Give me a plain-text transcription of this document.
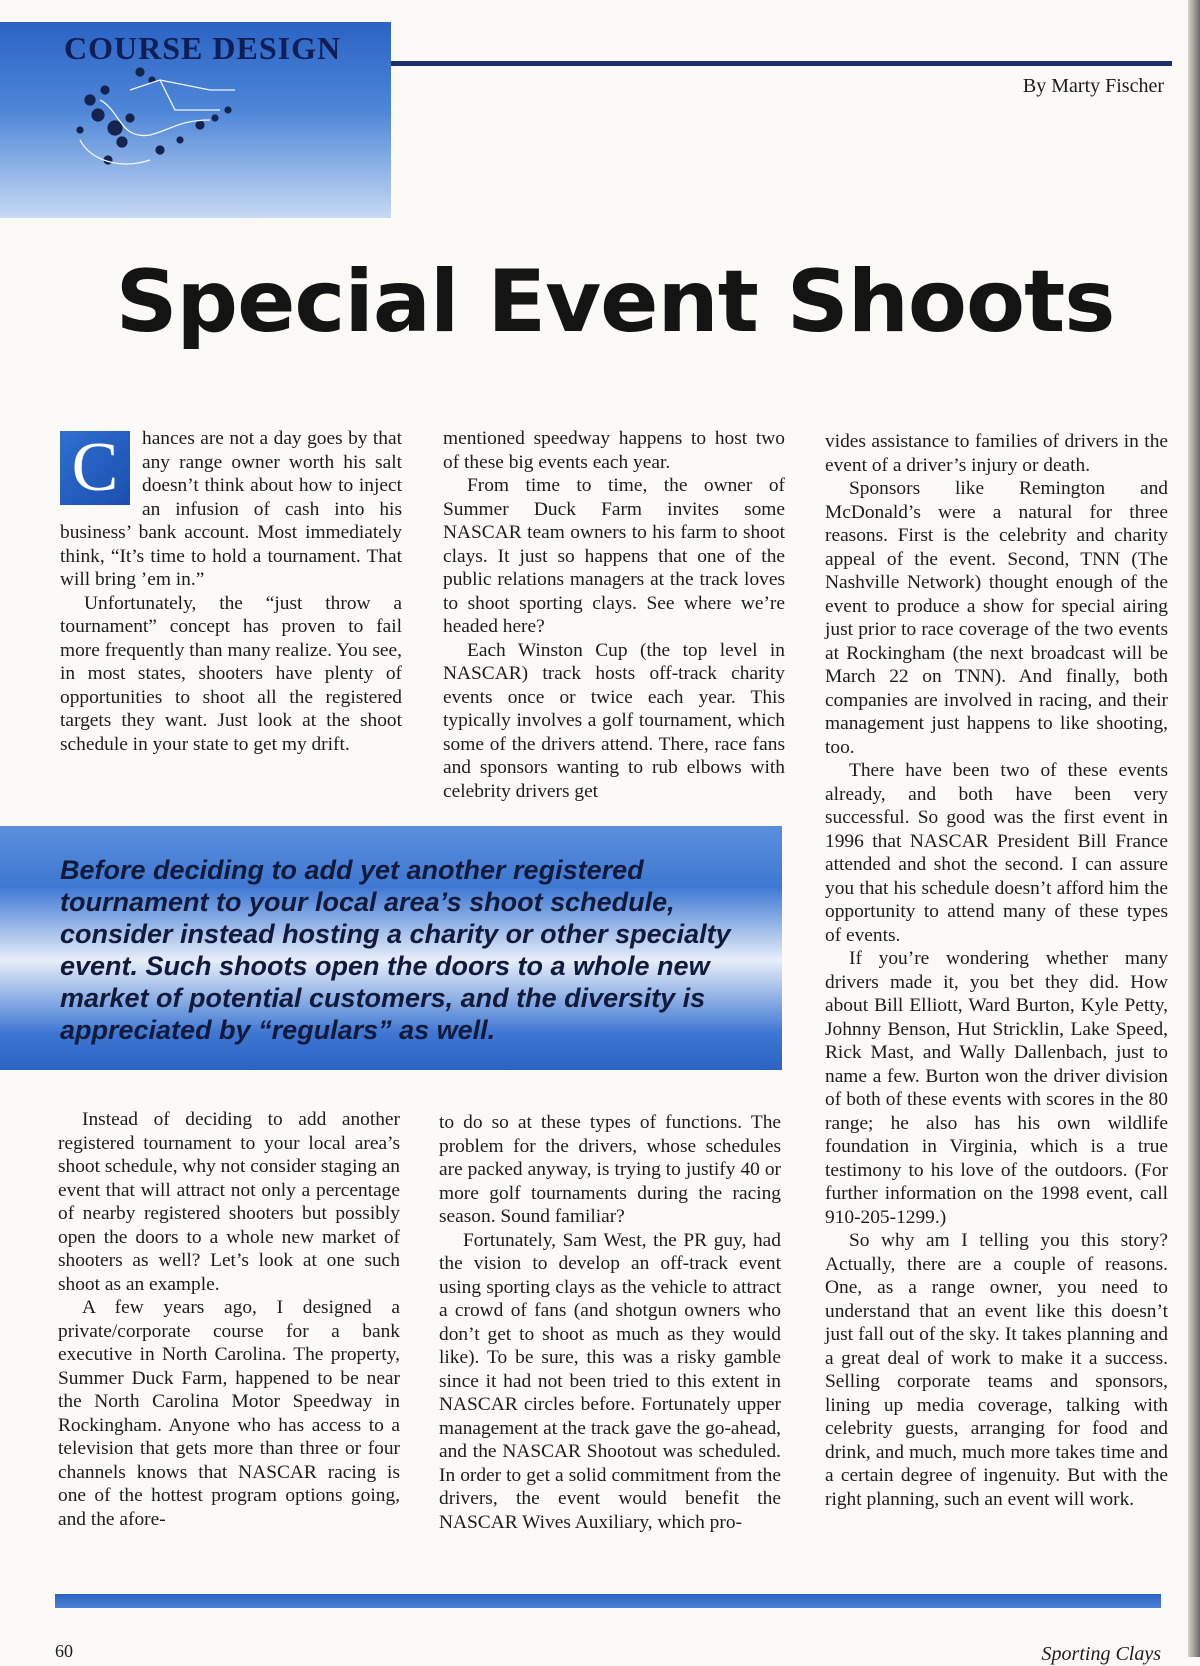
COURSE DESIGN
By Marty Fischer
Special Event Shoots
C	hances are not a day goes by that any range owner worth his salt doesn’t think about how to inject an infusion of cash into his business’ bank account. Most immediately think, “It’s time to hold a tournament. That will bring ’em in.”

Unfortunately, the “just throw a tournament” concept has proven to fail more frequently than many realize. You see, in most states, shooters have plenty of opportunities to shoot all the registered targets they want. Just look at the shoot schedule in your state to get my drift.

mentioned speedway happens to host two of these big events each year.

From time to time, the owner of Summer Duck Farm invites some NASCAR team owners to his farm to shoot clays. It just so happens that one of the public relations managers at the track loves to shoot sporting clays. See where we’re headed here?

Each Winston Cup (the top level in NASCAR) track hosts off-track charity events once or twice each year. This typically involves a golf tournament, which some of the drivers attend. There, race fans and sponsors wanting to rub elbows with celebrity drivers get

vides assistance to families of drivers in the event of a driver’s injury or death.

Sponsors like Remington and McDonald’s were a natural for three reasons. First is the celebrity and charity appeal of the event. Second, TNN (The Nashville Network) thought enough of the event to produce a show for special airing just prior to race coverage of the two events at Rockingham (the next broadcast will be March 22 on TNN). And finally, both companies are involved in racing, and their management just happens to like shooting, too.

There have been two of these events already, and both have been very successful. So good was the first event in 1996 that NASCAR President Bill France attended and shot the second. I can assure you that his schedule doesn’t afford him the opportunity to attend many of these types of events.

If you’re wondering whether many drivers made it, you bet they did. How about Bill Elliott, Ward Burton, Kyle Petty, Johnny Benson, Hut Stricklin, Lake Speed, Rick Mast, and Wally Dallenbach, just to name a few. Burton won the driver division of both of these events with scores in the 80 range; he also has his own wildlife foundation in Virginia, which is a true testimony to his love of the outdoors. (For further information on the 1998 event, call 910-205-1299.)

So why am I telling you this story? Actually, there are a couple of reasons. One, as a range owner, you need to understand that an event like this doesn’t just fall out of the sky. It takes planning and a great deal of work to make it a success. Selling corporate teams and sponsors, lining up media coverage, talking with celebrity guests, arranging for food and drink, and much, much more takes time and a certain degree of ingenuity. But with the right planning, such an event will work.

Before deciding to add yet another registered tournament to your local area’s shoot schedule, consider instead hosting a charity or other specialty event. Such shoots open the doors to a whole new market of potential customers, and the diversity is appreciated by “regulars” as well.

Instead of deciding to add another registered tournament to your local area’s shoot schedule, why not consider staging an event that will attract not only a percentage of nearby registered shooters but possibly open the doors to a whole new market of shooters as well? Let’s look at one such shoot as an example.

A few years ago, I designed a private/corporate course for a bank executive in North Carolina. The property, Summer Duck Farm, happened to be near the North Carolina Motor Speedway in Rockingham. Anyone who has access to a television that gets more than three or four channels knows that NASCAR racing is one of the hottest program options going, and the afore-

to do so at these types of functions. The problem for the drivers, whose schedules are packed anyway, is trying to justify 40 or more golf tournaments during the racing season. Sound familiar?

Fortunately, Sam West, the PR guy, had the vision to develop an off-track event using sporting clays as the vehicle to attract a crowd of fans (and shotgun owners who don’t get to shoot as much as they would like). To be sure, this was a risky gamble since it had not been tried to this extent in NASCAR circles before. Fortunately upper management at the track gave the go-ahead, and the NASCAR Shootout was scheduled. In order to get a solid commitment from the drivers, the event would benefit the NASCAR Wives Auxiliary, which pro-

60	Sporting Clays
